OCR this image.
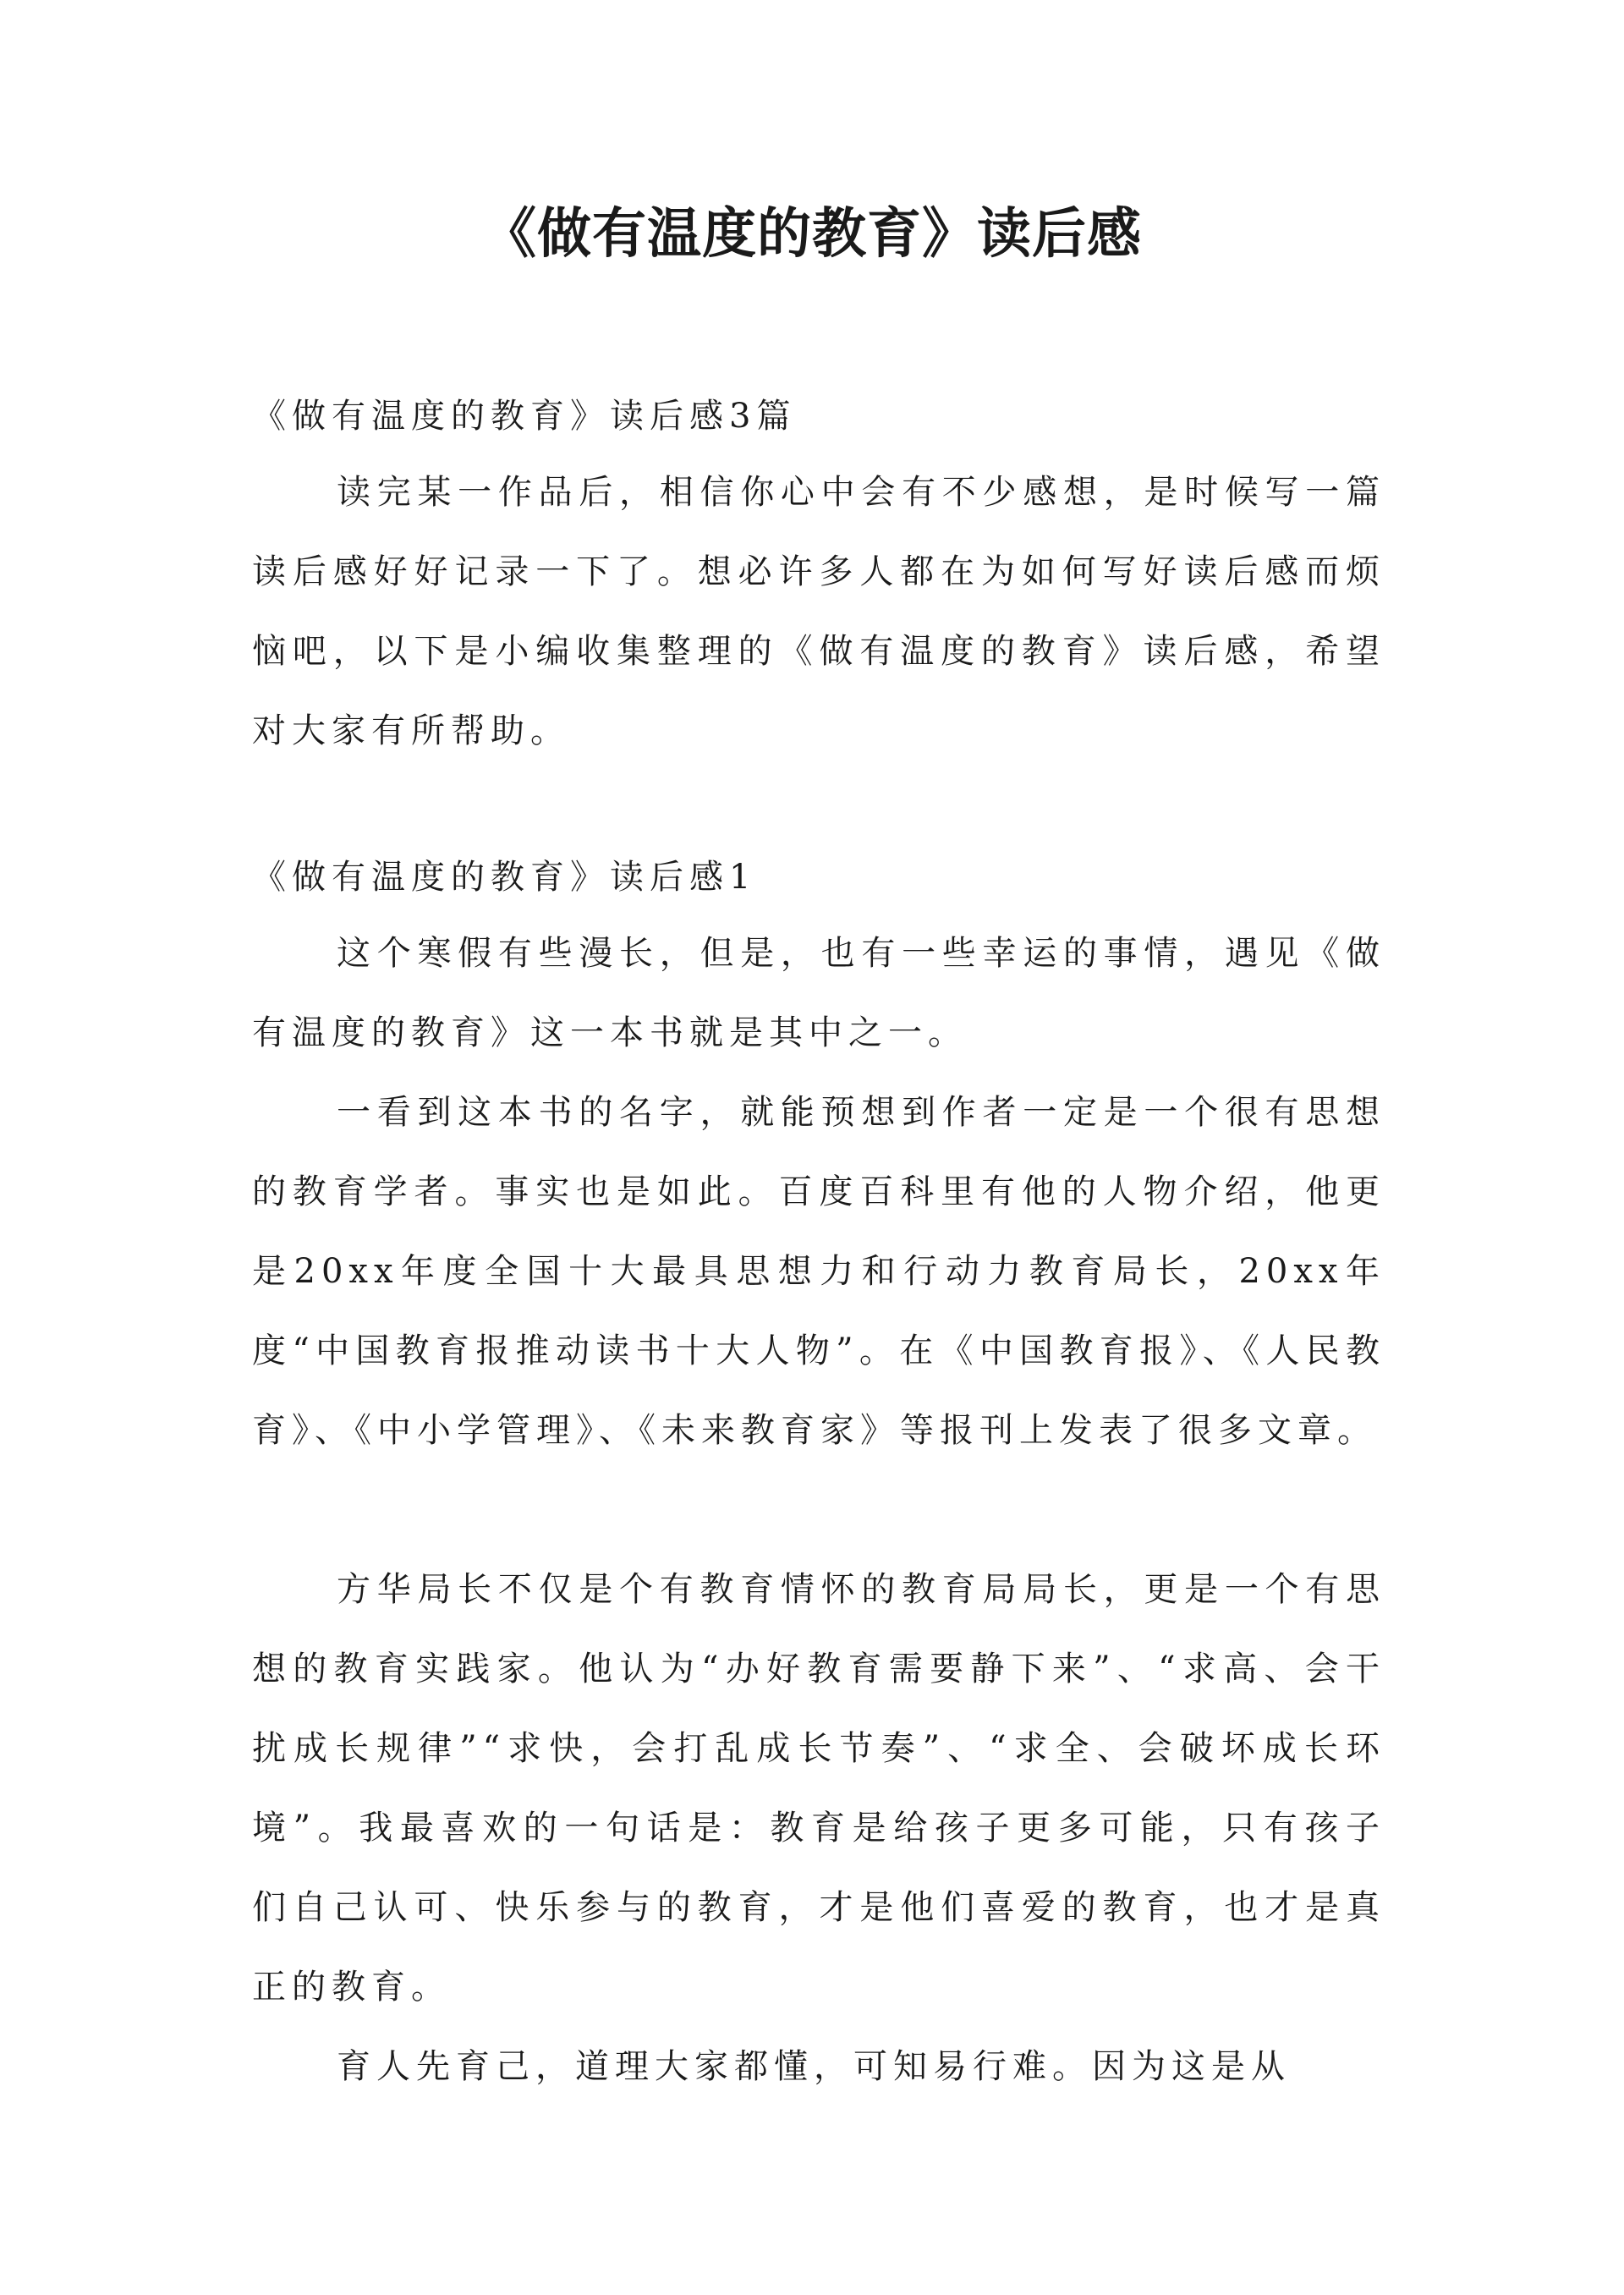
《做有温度的教育》读后感

《做有温度的教育》读后感3篇

读完某一作品后，相信你心中会有不少感想，是时候写一篇读后感好好记录一下了。想必许多人都在为如何写好读后感而烦恼吧，以下是小编收集整理的《做有温度的教育》读后感，希望对大家有所帮助。

《做有温度的教育》读后感1

这个寒假有些漫长，但是，也有一些幸运的事情，遇见《做有温度的教育》这一本书就是其中之一。

一看到这本书的名字，就能预想到作者一定是一个很有思想的教育学者。事实也是如此。百度百科里有他的人物介绍，他更是20xx年度全国十大最具思想力和行动力教育局长，20xx年度“中国教育报推动读书十大人物”。在《中国教育报》、《人民教育》、《中小学管理》、《未来教育家》等报刊上发表了很多文章。

方华局长不仅是个有教育情怀的教育局局长，更是一个有思想的教育实践家。他认为“办好教育需要静下来”、“求高、会干扰成长规律”“求快，会打乱成长节奏”、“求全、会破坏成长环境”。我最喜欢的一句话是：教育是给孩子更多可能，只有孩子们自己认可、快乐参与的教育，才是他们喜爱的教育，也才是真正的教育。

育人先育己，道理大家都懂，可知易行难。因为这是从
